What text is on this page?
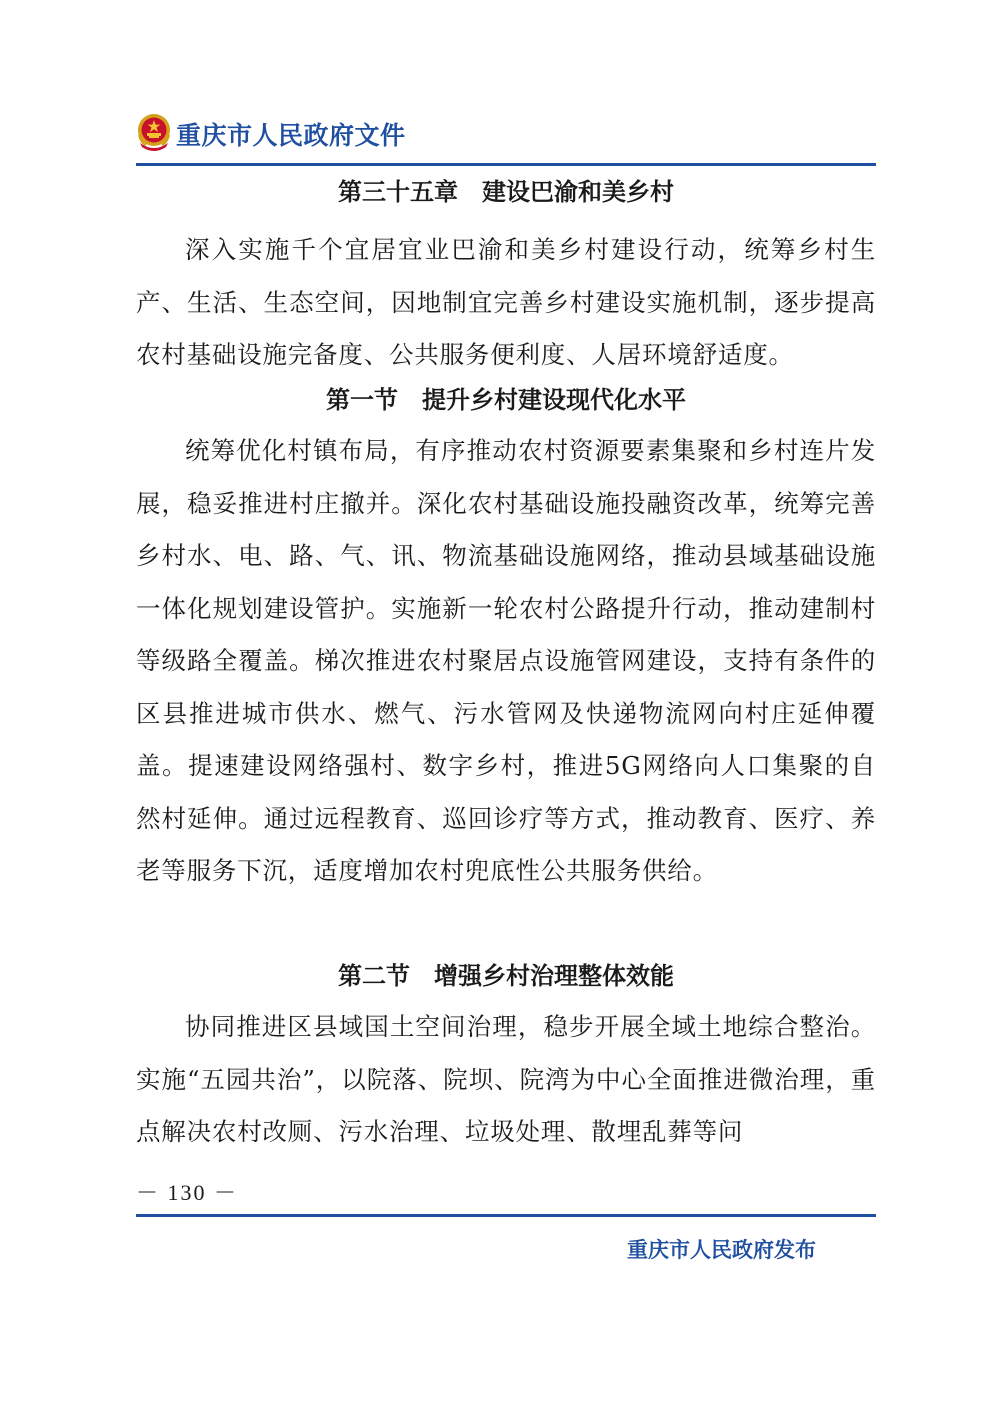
重庆市人民政府文件
第三十五章　建设巴渝和美乡村

深入实施千个宜居宜业巴渝和美乡村建设行动，统筹乡村生产、生活、生态空间，因地制宜完善乡村建设实施机制，逐步提高农村基础设施完备度、公共服务便利度、人居环境舒适度。

第一节　提升乡村建设现代化水平

统筹优化村镇布局，有序推动农村资源要素集聚和乡村连片发展，稳妥推进村庄撤并。深化农村基础设施投融资改革，统筹完善乡村水、电、路、气、讯、物流基础设施网络，推动县域基础设施一体化规划建设管护。实施新一轮农村公路提升行动，推动建制村等级路全覆盖。梯次推进农村聚居点设施管网建设，支持有条件的区县推进城市供水、燃气、污水管网及快递物流网向村庄延伸覆盖。提速建设网络强村、数字乡村，推进5G网络向人口集聚的自然村延伸。通过远程教育、巡回诊疗等方式，推动教育、医疗、养老等服务下沉，适度增加农村兜底性公共服务供给。

第二节　增强乡村治理整体效能

协同推进区县域国土空间治理，稳步开展全域土地综合整治。实施“五园共治”，以院落、院坝、院湾为中心全面推进微治理，重点解决农村改厕、污水治理、垃圾处理、散埋乱葬等问

－ 130 －
重庆市人民政府发布
